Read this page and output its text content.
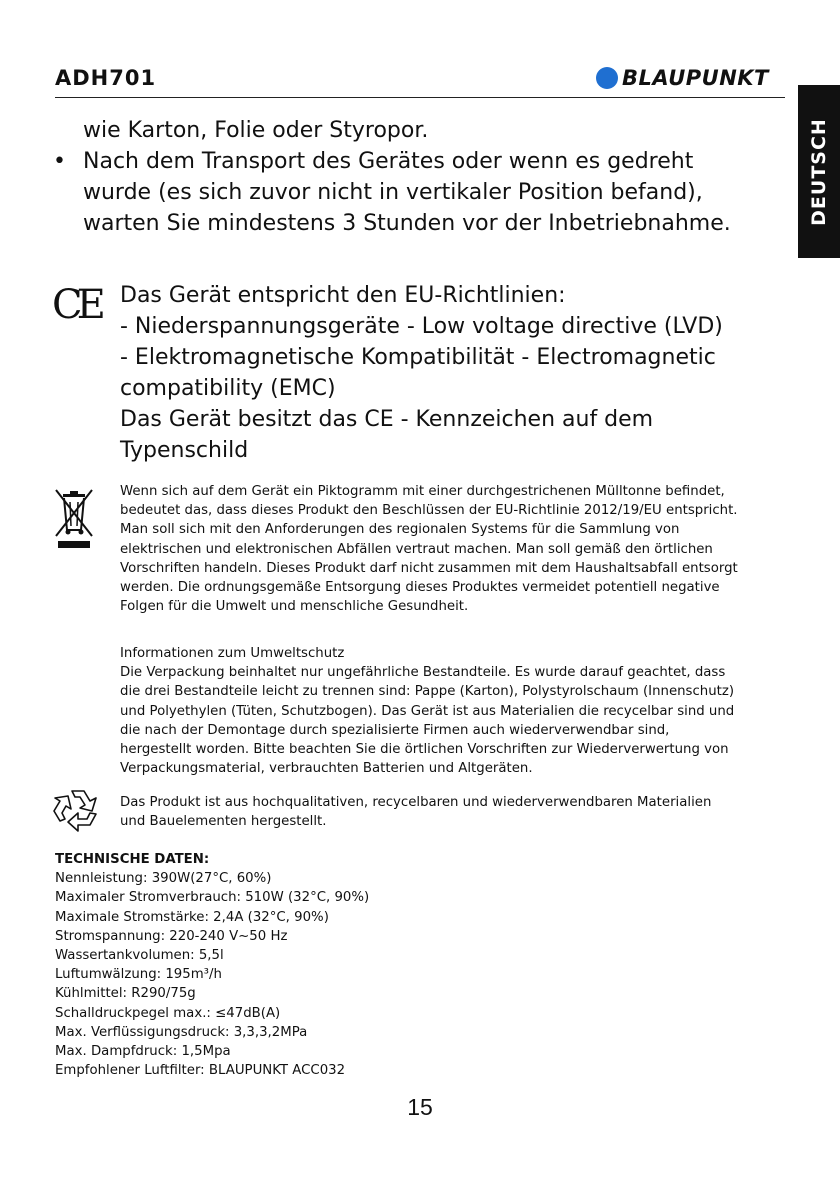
ADH701	BLAUPUNKT
DEUTSCH
•

wie Karton, Folie oder Styropor.

Nach dem Transport des Gerätes oder wenn es gedreht

wurde (es sich zuvor nicht in vertikaler Position befand),

warten Sie mindestens 3 Stunden vor der Inbetriebnahme.

CE Das Gerät entspricht den EU-Richtlinien:

- Niederspannungsgeräte - Low voltage directive (LVD)

- Elektromagnetische Kompatibilität - Electromagnetic

compatibility (EMC)

Das Gerät besitzt das CE - Kennzeichen auf dem

Typenschild

Wenn sich auf dem Gerät ein Piktogramm mit einer durchgestrichenen Mülltonne befindet,

bedeutet das, dass dieses Produkt den Beschlüssen der EU-Richtlinie 2012/19/EU entspricht.

Man soll sich mit den Anforderungen des regionalen Systems für die Sammlung von

elektrischen und elektronischen Abfällen vertraut machen. Man soll gemäß den örtlichen

Vorschriften handeln. Dieses Produkt darf nicht zusammen mit dem Haushaltsabfall entsorgt

werden. Die ordnungsgemäße Entsorgung dieses Produktes vermeidet potentiell negative

Folgen für die Umwelt und menschliche Gesundheit.

Informationen zum Umweltschutz

Die Verpackung beinhaltet nur ungefährliche Bestandteile. Es wurde darauf geachtet, dass

die drei Bestandteile leicht zu trennen sind: Pappe (Karton), Polystyrolschaum (Innenschutz)

und Polyethylen (Tüten, Schutzbogen). Das Gerät ist aus Materialien die recycelbar sind und

die nach der Demontage durch spezialisierte Firmen auch wiederverwendbar sind,

hergestellt worden. Bitte beachten Sie die örtlichen Vorschriften zur Wiederverwertung von

Verpackungsmaterial, verbrauchten Batterien und Altgeräten.

Das Produkt ist aus hochqualitativen, recycelbaren und wiederverwendbaren Materialien

und Bauelementen hergestellt.

TECHNISCHE DATEN:
Nennleistung: 390W(27°C, 60%)
Maximaler Stromverbrauch: 510W (32°C, 90%)
Maximale Stromstärke: 2,4A (32°C, 90%)
Stromspannung: 220-240 V~50 Hz
Wassertankvolumen: 5,5l
Luftumwälzung: 195m³/h
Kühlmittel: R290/75g
Schalldruckpegel max.: ≤47dB(A)
Max. Verflüssigungsdruck: 3,3,3,2MPa
Max. Dampfdruck: 1,5Mpa
Empfohlener Luftfilter: BLAUPUNKT ACC032
15
